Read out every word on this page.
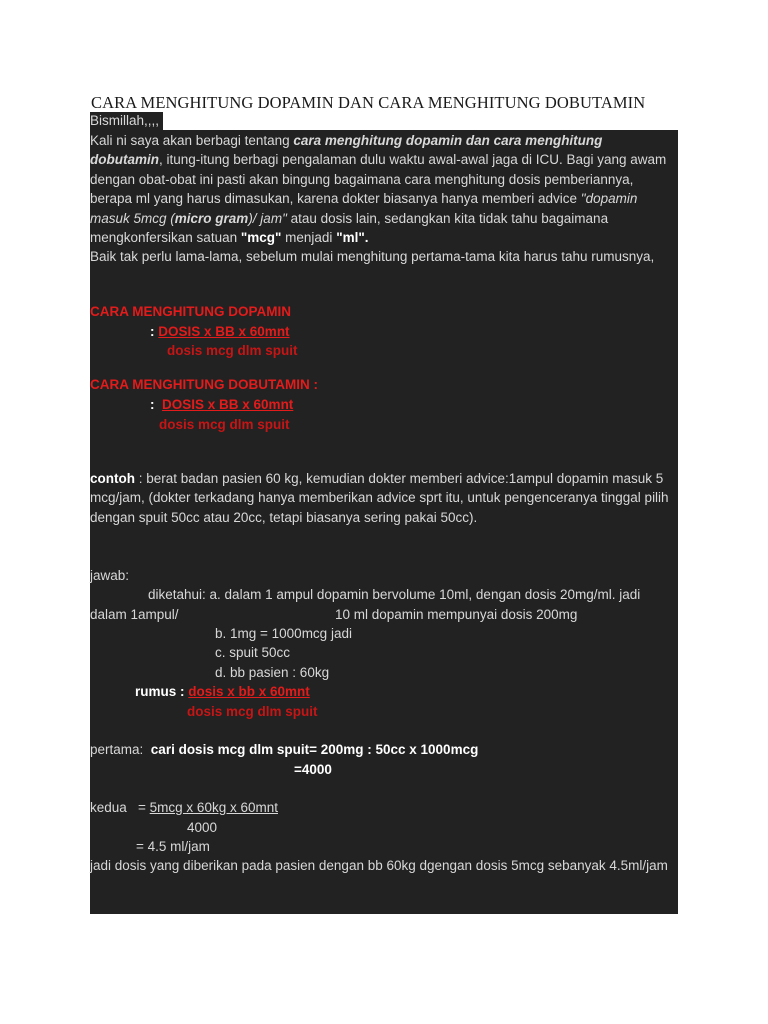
CARA MENGHITUNG DOPAMIN DAN CARA MENGHITUNG DOBUTAMIN
Bismillah,,,,
Kali ni saya akan berbagi tentang cara menghitung dopamin dan cara menghitung dobutamin, itung-itung berbagi pengalaman dulu waktu awal-awal jaga di ICU. Bagi yang awam dengan obat-obat ini pasti akan bingung bagaimana cara menghitung dosis pemberiannya, berapa ml yang harus dimasukan, karena dokter biasanya hanya memberi advice "dopamin masuk 5mcg (micro gram)/ jam" atau dosis lain, sedangkan kita tidak tahu bagaimana mengkonfersikan satuan "mcg" menjadi "ml".
Baik tak perlu lama-lama, sebelum mulai menghitung pertama-tama kita harus tahu rumusnya,
CARA MENGHITUNG DOPAMIN
: DOSIS x BB x 60mnt
dosis mcg dlm spuit
CARA MENGHITUNG DOBUTAMIN :
: DOSIS x BB x 60mnt
dosis mcg dlm spuit
contoh : berat badan pasien 60 kg, kemudian dokter memberi advice:1ampul dopamin masuk 5 mcg/jam, (dokter terkadang hanya memberikan advice sprt itu, untuk pengenceranya tinggal pilih dengan spuit 50cc atau 20cc, tetapi biasanya sering pakai 50cc).
jawab:
diketahui: a. dalam 1 ampul dopamin bervolume 10ml, dengan dosis 20mg/ml. jadi
dalam 1ampul/	10 ml dopamin mempunyai dosis 200mg
b. 1mg = 1000mcg jadi
c. spuit 50cc
d. bb pasien : 60kg
rumus : dosis x bb x 60mnt
dosis mcg dlm spuit
pertama: cari dosis mcg dlm spuit= 200mg : 50cc x 1000mcg
=4000
kedua   = 5mcg x 60kg x 60mnt
4000
= 4.5 ml/jam
jadi dosis yang diberikan pada pasien dengan bb 60kg dgengan dosis 5mcg sebanyak 4.5ml/jam
